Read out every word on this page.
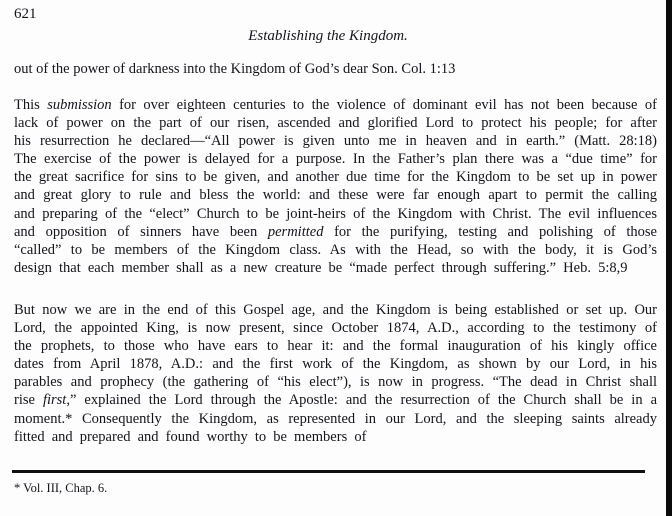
621
Establishing the Kingdom.
out of the power of darkness into the Kingdom of God’s dear Son. Col. 1:13

This submission for over eighteen centuries to the violence of dominant evil has not been because of lack of power on the part of our risen, ascended and glorified Lord to protect his people; for after his resurrection he declared—“All power is given unto me in heaven and in earth.” (Matt. 28:18) The exercise of the power is delayed for a purpose. In the Father’s plan there was a “due time” for the great sacrifice for sins to be given, and another due time for the Kingdom to be set up in power and great glory to rule and bless the world: and these were far enough apart to permit the calling and preparing of the “elect” Church to be joint-heirs of the Kingdom with Christ. The evil influences and opposition of sinners have been permitted for the purifying, testing and polishing of those “called” to be members of the Kingdom class. As with the Head, so with the body, it is God’s design that each member shall as a new creature be “made perfect through suffering.” Heb. 5:8,9

But now we are in the end of this Gospel age, and the Kingdom is being established or set up. Our Lord, the appointed King, is now present, since October 1874, A.D., according to the testimony of the prophets, to those who have ears to hear it: and the formal inauguration of his kingly office dates from April 1878, A.D.: and the first work of the Kingdom, as shown by our Lord, in his parables and prophecy (the gathering of “his elect”), is now in progress. “The dead in Christ shall rise first,” explained the Lord through the Apostle: and the resurrection of the Church shall be in a moment.* Consequently the Kingdom, as represented in our Lord, and the sleeping saints already fitted and prepared and found worthy to be members of

* Vol. III, Chap. 6.
